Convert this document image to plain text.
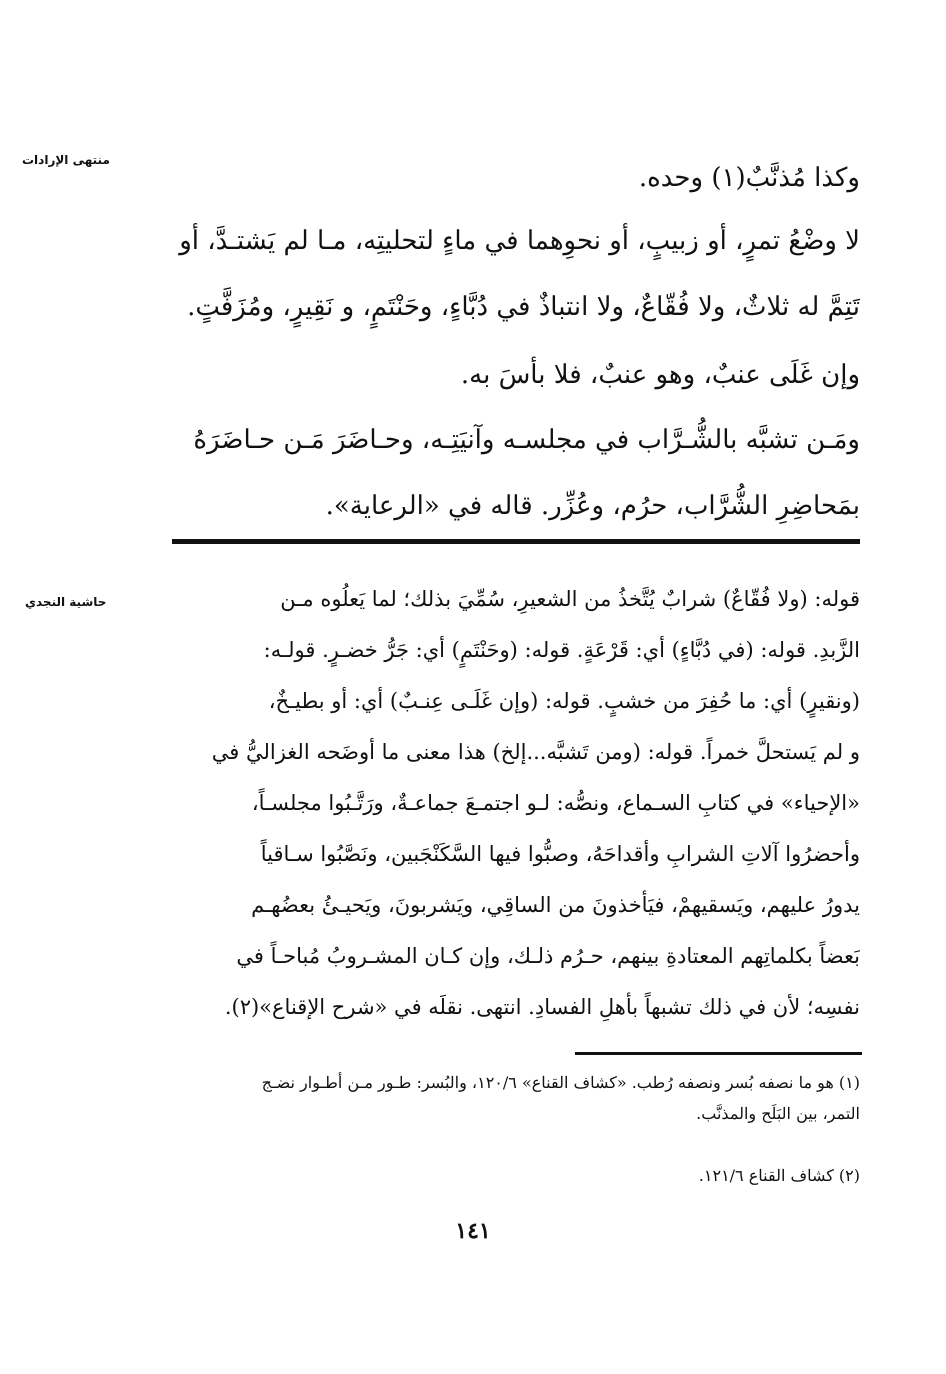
منتهى الإرادات
حاشية النجدي
وكذا مُذنَّبٌ(١) وحده.
لا وضْعُ تمرٍ، أو زبيبٍ، أو نحوِهما في ماءٍ لتحليتِه، مـا لم يَشتـدَّ، أو
تَتِمَّ له ثلاثٌ، ولا فُقّاعٌ، ولا انتباذٌ في دُبَّاءٍ، وحَنْتَمٍ، و نَقِيرٍ، ومُزَفَّتٍ.
وإن غَلَى عنبٌ، وهو عنبٌ، فلا بأسَ به.
ومَـن تشبَّه بالشُّـرَّاب في مجلسـه وآنيَتِـه، وحـاضَرَ مَـن حـاضَرَهُ
بمَحاضِرِ الشُّرَّاب، حرُم، وعُزِّر. قاله في «الرعاية».
قوله: (ولا فُقّاعٌ) شرابٌ يُتَّخذُ من الشعيرِ، سُمِّيَ بذلك؛ لما يَعلُوه مـن
الزَّبدِ. قوله: (في دُبَّاءٍ) أي: قَرْعَةٍ. قوله: (وحَنْتَمٍ) أي: جَرُّ خضـرٍ. قولـه:
(ونقيرٍ) أي: ما حُفِرَ من خشبٍ. قوله: (وإن غَلَـى عِنـبٌ) أي: أو بطيـخٌ،
و لم يَستحلَّ خمراً. قوله: (ومن تَشبَّه...إلخ) هذا معنى ما أوضَحه الغزاليُّ في
«الإحياء» في كتابِ السـماع، ونصُّه: لـو اجتمـعَ جماعـةٌ، ورَتَّـبُوا مجلسـاً،
وأحضرُوا آلاتِ الشرابِ وأقداحَهُ، وصبُّوا فيها السَّكَنْجَبين، ونَصَّبُوا سـاقياً
يدورُ عليهم، ويَسقيهمْ، فيَأخذونَ من الساقِي، ويَشربونَ، ويَحيـئُ بعضُهـم
بَعضاً بكلماتِهم المعتادةِ بينهم، حـرُم ذلـك، وإن كـان المشـروبُ مُباحـاً في
نفسِه؛ لأن في ذلك تشبهاً بأهلِ الفسادِ. انتهى. نقلَه في «شرح الإقناع»(٢).
(١) هو ما نصفه بُسر ونصفه رُطب. «كشاف القناع» ١٢٠/٦، والبُسر: طـور مـن أطـوار نضـج
التمر، بين البَلَح والمذنَّب.
(٢) كشاف القناع ١٢١/٦.
١٤١
